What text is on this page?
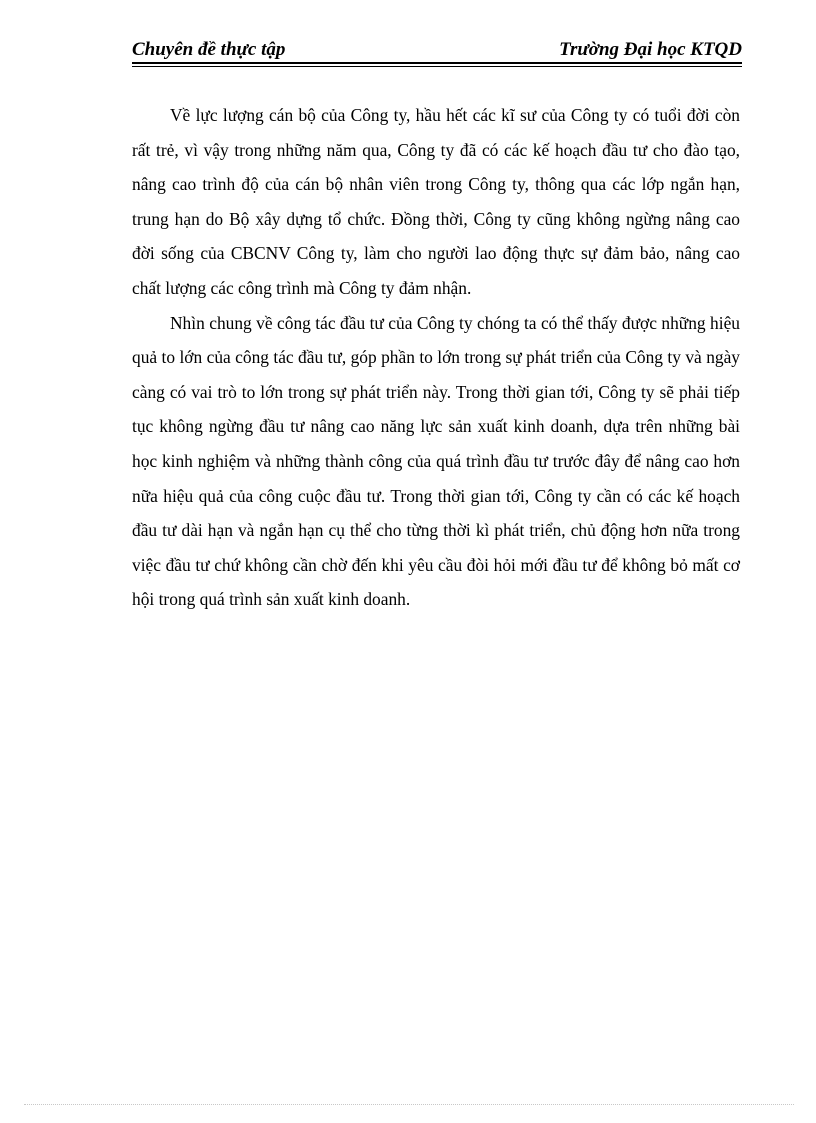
Chuyên đề thực tập	Trường Đại học KTQD

Về lực lượng cán bộ của Công ty, hầu hết các kĩ sư của Công ty có tuổi đời còn rất trẻ, vì vậy trong những năm qua, Công ty đã có các kế hoạch đầu tư cho đào tạo, nâng cao trình độ của cán bộ nhân viên trong Công ty, thông qua các lớp ngắn hạn, trung hạn do Bộ xây dựng tổ chức. Đồng thời, Công ty cũng không ngừng nâng cao đời sống của CBCNV Công ty, làm cho người lao động thực sự đảm bảo, nâng cao chất lượng các công trình mà Công ty đảm nhận.

Nhìn chung về công tác đầu tư của Công ty chóng ta có thể thấy được những hiệu quả to lớn của công tác đầu tư, góp phần to lớn trong sự phát triển của Công ty và ngày càng có vai trò to lớn trong sự phát triển này. Trong thời gian tới, Công ty sẽ phải tiếp tục không ngừng đầu tư nâng cao năng lực sản xuất kinh doanh, dựa trên những bài học kinh nghiệm và những thành công của quá trình đầu tư trước đây để nâng cao hơn nữa hiệu quả của công cuộc đầu tư. Trong thời gian tới, Công ty cần có các kế hoạch đầu tư dài hạn và ngắn hạn cụ thể cho từng thời kì phát triển, chủ động hơn nữa trong việc đầu tư chứ không cần chờ đến khi yêu cầu đòi hỏi mới đầu tư để không bỏ mất cơ hội trong quá trình sản xuất kinh doanh.
